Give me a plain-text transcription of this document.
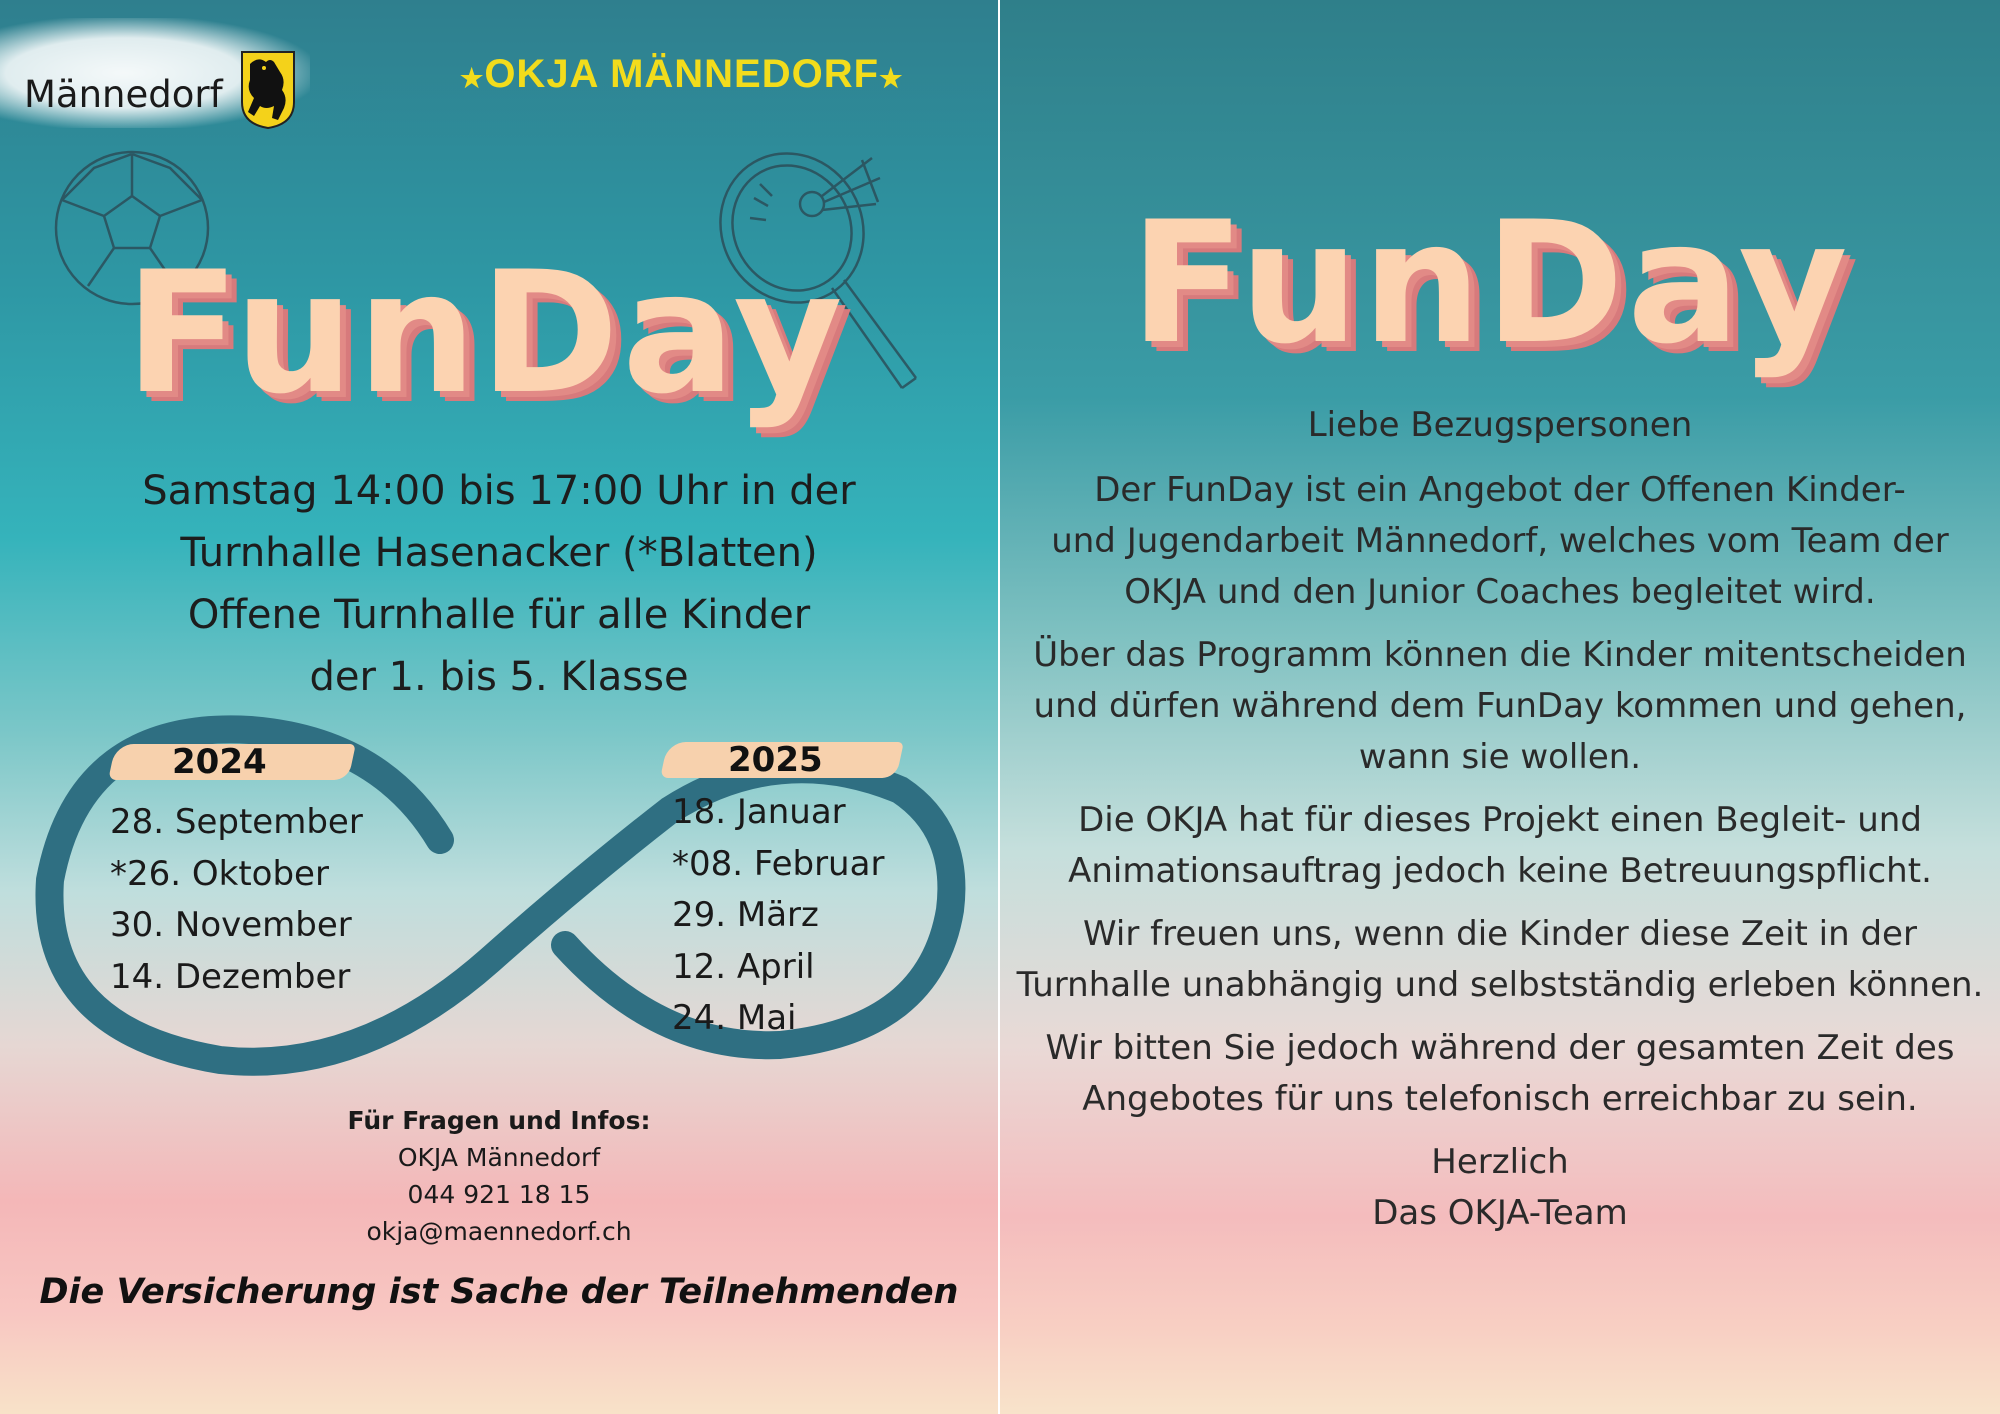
Männedorf	★OKJA MÄNNEDORF★
FunDay
Samstag 14:00 bis 17:00 Uhr in der
Turnhalle Hasenacker (*Blatten)
Offene Turnhalle für alle Kinder
der 1. bis 5. Klasse
2024
28. September
*26. Oktober
30. November
14. Dezember
2025
18. Januar
*08. Februar
29. März
12. April
24. Mai
Für Fragen und Infos:
OKJA Männedorf
044 921 18 15
okja@maennedorf.ch
Die Versicherung ist Sache der Teilnehmenden
FunDay
Liebe Bezugspersonen
Der FunDay ist ein Angebot der Offenen Kinder-
und Jugendarbeit Männedorf, welches vom Team der
OKJA und den Junior Coaches begleitet wird.
Über das Programm können die Kinder mitentscheiden
und dürfen während dem FunDay kommen und gehen,
wann sie wollen.
Die OKJA hat für dieses Projekt einen Begleit- und
Animationsauftrag jedoch keine Betreuungspflicht.
Wir freuen uns, wenn die Kinder diese Zeit in der
Turnhalle unabhängig und selbstständig erleben können.
Wir bitten Sie jedoch während der gesamten Zeit des
Angebotes für uns telefonisch erreichbar zu sein.
Herzlich
Das OKJA-Team
